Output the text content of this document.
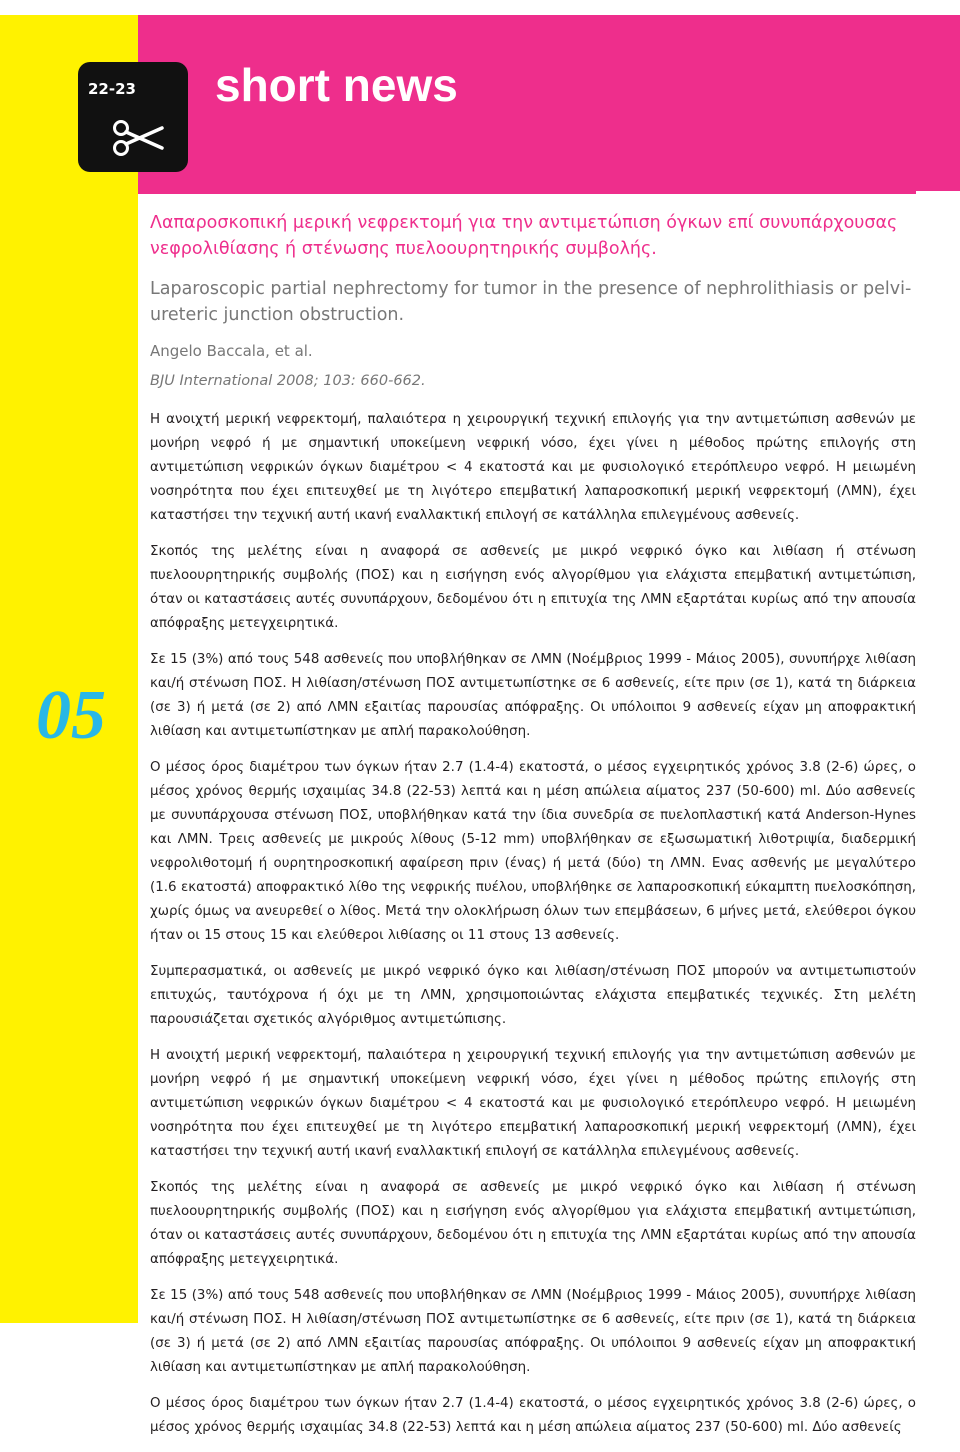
22-23 short news
05
Λαπαροσκοπική μερική νεφρεκτομή για την αντιμετώπιση όγκων επί συνυπάρχουσας νεφρολιθίασης ή στένωσης πυελοουρητηρικής συμβολής.
Laparoscopic partial nephrectomy for tumor in the presence of nephrolithiasis or pelvi-ureteric junction obstruction.
Angelo Baccala, et al.
BJU International 2008; 103: 660-662.

Η ανοιχτή μερική νεφρεκτομή, παλαιότερα η χειρουργική τεχνική επιλογής για την αντιμετώπιση ασθενών με μονήρη νεφρό ή με σημαντική υποκείμενη νεφρική νόσο, έχει γίνει η μέθοδος πρώτης επιλογής στη αντιμετώπιση νεφρικών όγκων διαμέτρου < 4 εκατοστά και με φυσιολογικό ετερόπλευρο νεφρό. Η μειωμένη νοσηρότητα που έχει επιτευχθεί με τη λιγότερο επεμβατική λαπαροσκοπική μερική νεφρεκτομή (ΛΜΝ), έχει καταστήσει την τεχνική αυτή ικανή εναλλακτική επιλογή σε κατάλληλα επιλεγμένους ασθενείς.

Σκοπός της μελέτης είναι η αναφορά σε ασθενείς με μικρό νεφρικό όγκο και λιθίαση ή στένωση πυελοουρητηρικής συμβολής (ΠΟΣ) και η εισήγηση ενός αλγορίθμου για ελάχιστα επεμβατική αντιμετώπιση, όταν οι καταστάσεις αυτές συνυπάρχουν, δεδομένου ότι η επιτυχία της ΛΜΝ εξαρτάται κυρίως από την απουσία απόφραξης μετεγχειρητικά.

Σε 15 (3%) από τους 548 ασθενείς που υποβλήθηκαν σε ΛΜΝ (Νοέμβριος 1999 - Μάιος 2005), συνυπήρχε λιθίαση και/ή στένωση ΠΟΣ. Η λιθίαση/στένωση ΠΟΣ αντιμετωπίστηκε σε 6 ασθενείς, είτε πριν (σε 1), κατά τη διάρκεια (σε 3) ή μετά (σε 2) από ΛΜΝ εξαιτίας παρουσίας απόφραξης. Οι υπόλοιποι 9 ασθενείς είχαν μη αποφρακτική λιθίαση και αντιμετωπίστηκαν με απλή παρακολούθηση.

Ο μέσος όρος διαμέτρου των όγκων ήταν 2.7 (1.4-4) εκατοστά, ο μέσος εγχειρητικός χρόνος 3.8 (2-6) ώρες, ο μέσος χρόνος θερμής ισχαιμίας 34.8 (22-53) λεπτά και η μέση απώλεια αίματος 237 (50-600) ml. Δύο ασθενείς με συνυπάρχουσα στένωση ΠΟΣ, υποβλήθηκαν κατά την ίδια συνεδρία σε πυελοπλαστική κατά Anderson-Hynes και ΛΜΝ. Τρεις ασθενείς με μικρούς λίθους (5-12 mm) υποβλήθηκαν σε εξωσωματική λιθοτριψία, διαδερμική νεφρολιθοτομή ή ουρητηροσκοπική αφαίρεση πριν (ένας) ή μετά (δύο) τη ΛΜΝ. Ενας ασθενής με μεγαλύτερο (1.6 εκατοστά) αποφρακτικό λίθο της νεφρικής πυέλου, υποβλήθηκε σε λαπαροσκοπική εύκαμπτη πυελοσκόπηση, χωρίς όμως να ανευρεθεί ο λίθος. Μετά την ολοκλήρωση όλων των επεμβάσεων, 6 μήνες μετά, ελεύθεροι όγκου ήταν οι 15 στους 15 και ελεύθεροι λιθίασης οι 11 στους 13 ασθενείς.

Συμπερασματικά, οι ασθενείς με μικρό νεφρικό όγκο και λιθίαση/στένωση ΠΟΣ μπορούν να αντιμετωπιστούν επιτυχώς, ταυτόχρονα ή όχι με τη ΛΜΝ, χρησιμοποιώντας ελάχιστα επεμβατικές τεχνικές. Στη μελέτη παρουσιάζεται σχετικός αλγόριθμος αντιμετώπισης.

Η ανοιχτή μερική νεφρεκτομή, παλαιότερα η χειρουργική τεχνική επιλογής για την αντιμετώπιση ασθενών με μονήρη νεφρό ή με σημαντική υποκείμενη νεφρική νόσο, έχει γίνει η μέθοδος πρώτης επιλογής στη αντιμετώπιση νεφρικών όγκων διαμέτρου < 4 εκατοστά και με φυσιολογικό ετερόπλευρο νεφρό. Η μειωμένη νοσηρότητα που έχει επιτευχθεί με τη λιγότερο επεμβατική λαπαροσκοπική μερική νεφρεκτομή (ΛΜΝ), έχει καταστήσει την τεχνική αυτή ικανή εναλλακτική επιλογή σε κατάλληλα επιλεγμένους ασθενείς.

Σκοπός της μελέτης είναι η αναφορά σε ασθενείς με μικρό νεφρικό όγκο και λιθίαση ή στένωση πυελοουρητηρικής συμβολής (ΠΟΣ) και η εισήγηση ενός αλγορίθμου για ελάχιστα επεμβατική αντιμετώπιση, όταν οι καταστάσεις αυτές συνυπάρχουν, δεδομένου ότι η επιτυχία της ΛΜΝ εξαρτάται κυρίως από την απουσία απόφραξης μετεγχειρητικά.

Σε 15 (3%) από τους 548 ασθενείς που υποβλήθηκαν σε ΛΜΝ (Νοέμβριος 1999 - Μάιος 2005), συνυπήρχε λιθίαση και/ή στένωση ΠΟΣ. Η λιθίαση/στένωση ΠΟΣ αντιμετωπίστηκε σε 6 ασθενείς, είτε πριν (σε 1), κατά τη διάρκεια (σε 3) ή μετά (σε 2) από ΛΜΝ εξαιτίας παρουσίας απόφραξης. Οι υπόλοιποι 9 ασθενείς είχαν μη αποφρακτική λιθίαση και αντιμετωπίστηκαν με απλή παρακολούθηση.

Ο μέσος όρος διαμέτρου των όγκων ήταν 2.7 (1.4-4) εκατοστά, ο μέσος εγχειρητικός χρόνος 3.8 (2-6) ώρες, ο μέσος χρόνος θερμής ισχαιμίας 34.8 (22-53) λεπτά και η μέση απώλεια αίματος 237 (50-600) ml. Δύο ασθενείς
